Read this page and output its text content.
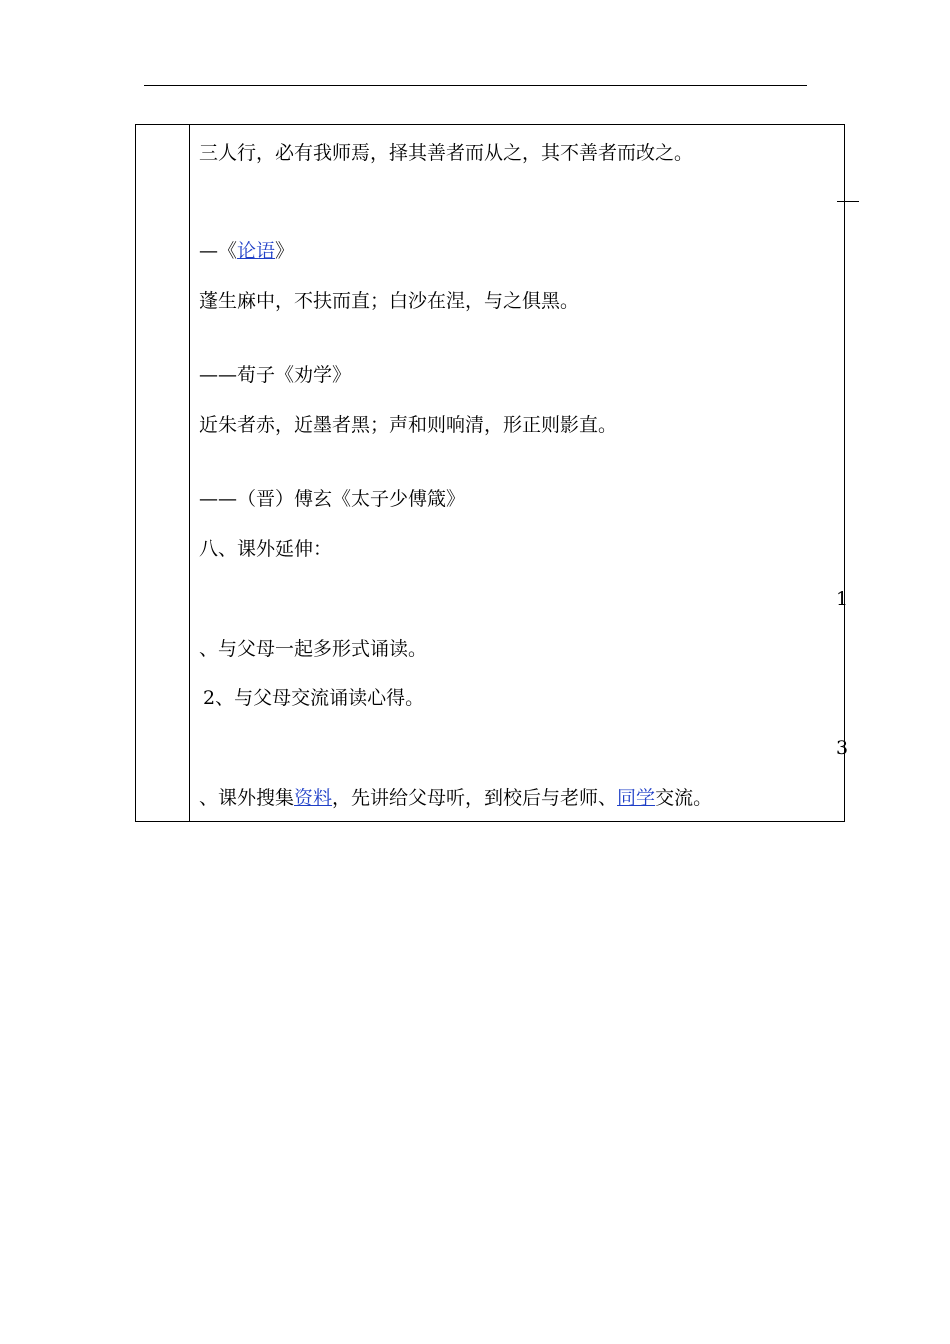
三人行，必有我师焉，择其善者而从之，其不善者而改之。
—《论语》
蓬生麻中，不扶而直；白沙在涅，与之俱黑。
——荀子《劝学》
近朱者赤，近墨者黑；声和则响清，形正则影直。
——（晋）傅玄《太子少傅箴》
八、课外延伸：
1
、与父母一起多形式诵读。
2、与父母交流诵读心得。
3
、课外搜集资料，先讲给父母听，到校后与老师、同学交流。
